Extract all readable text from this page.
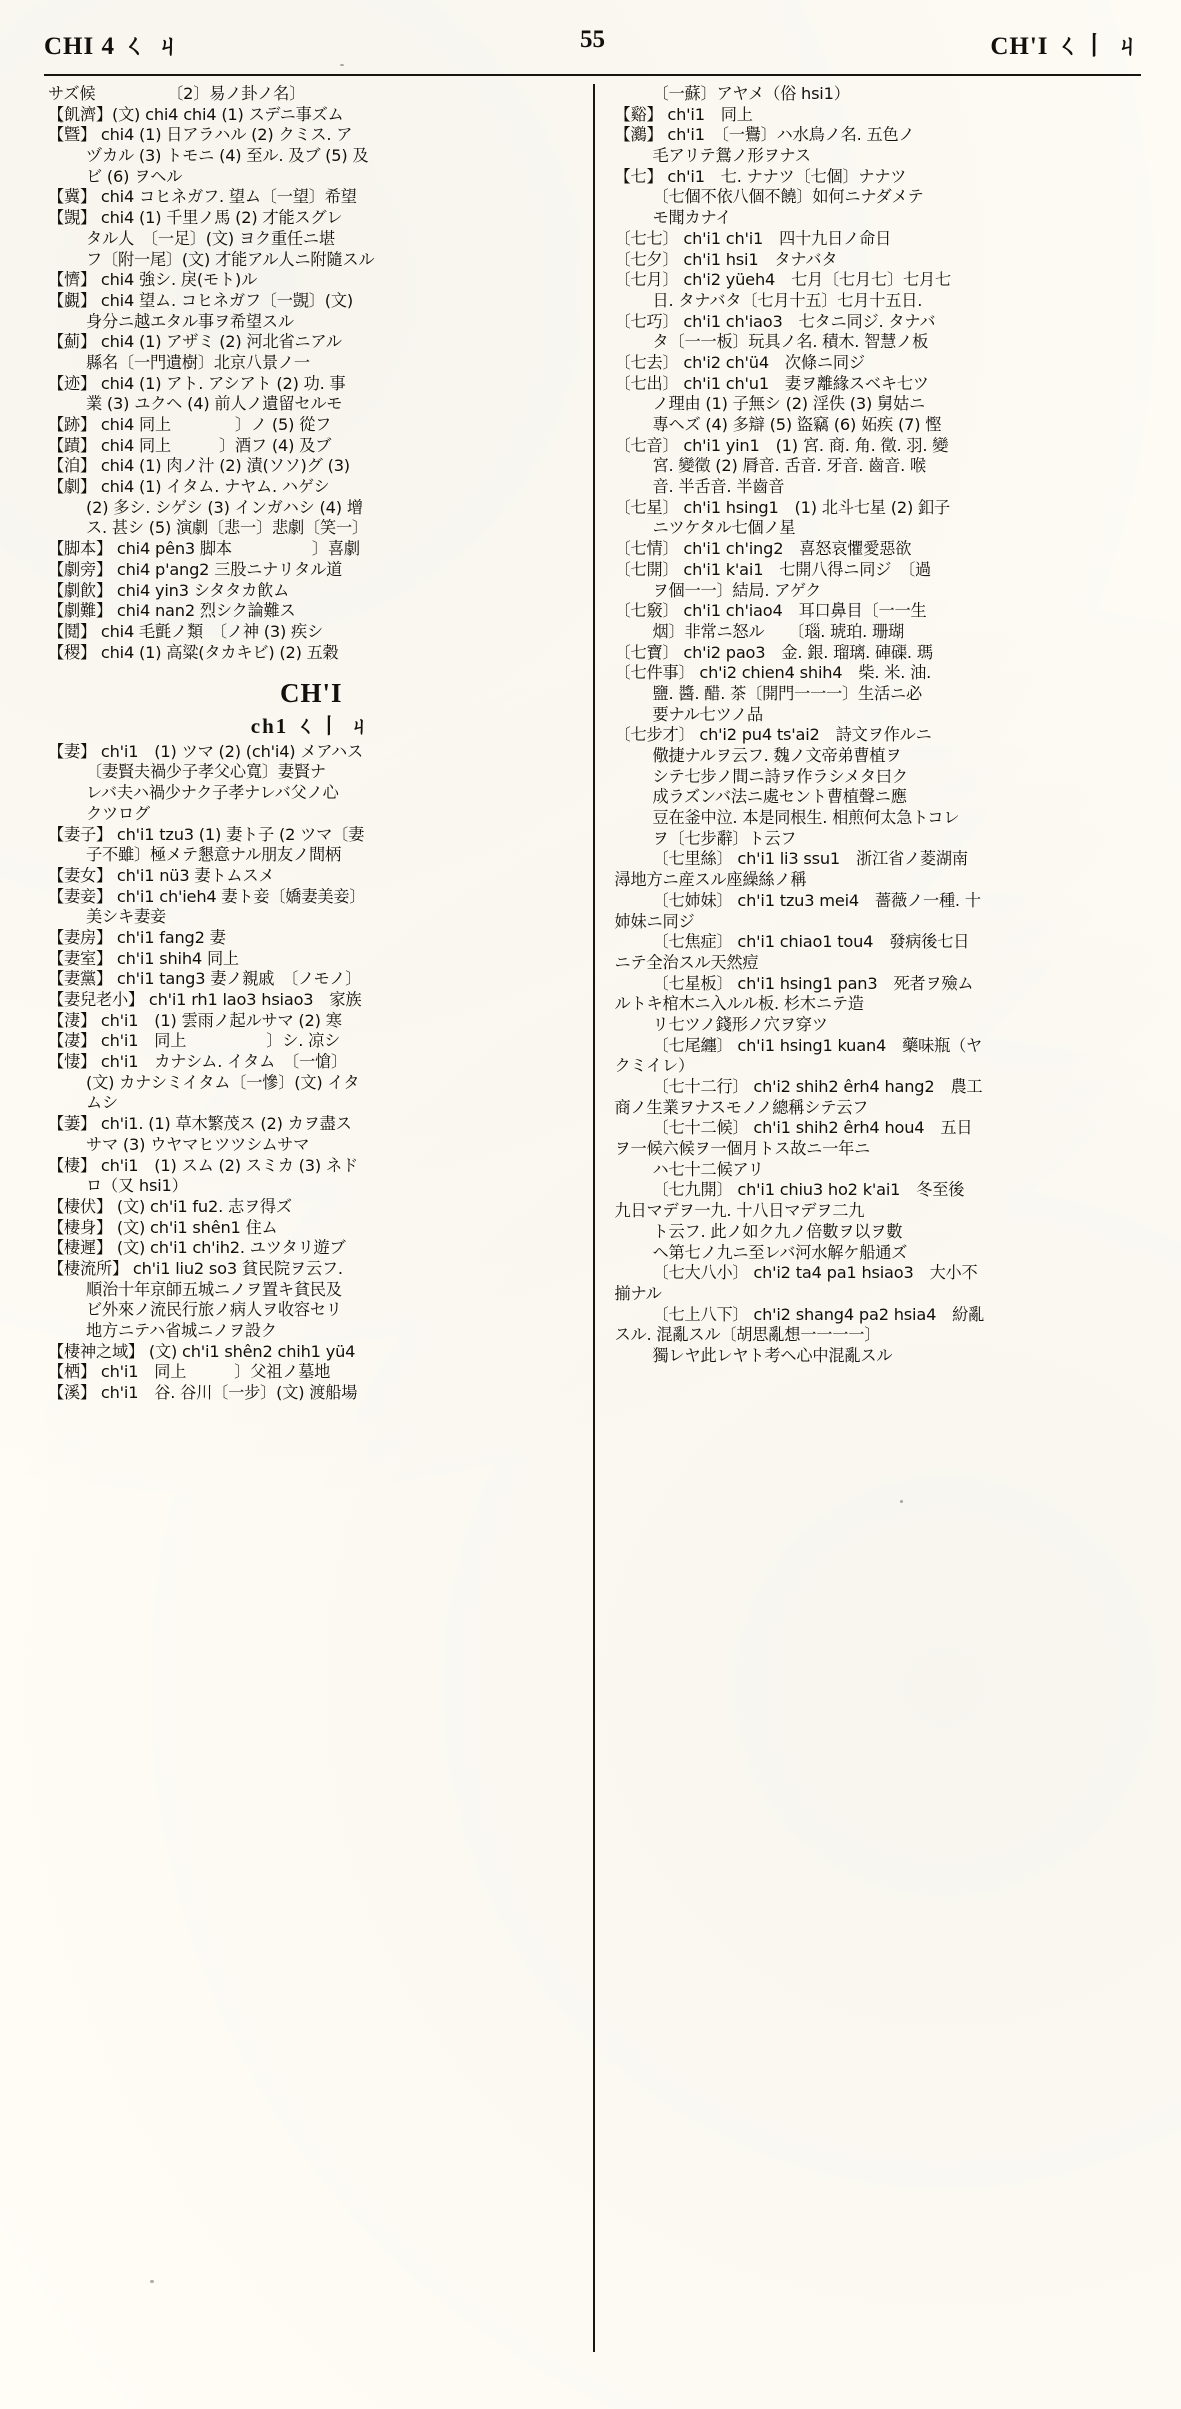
CHI 4 ㄑ ㄐ	55	CH'I ㄑ丨 ㄐ
サズ候　　　　　〔2〕易ノ卦ノ名〕
【飢濟】(文) chi4 chi4 (1) スデニ事ズム
【曁】 chi4 (1) 日アラハル (2) クミス. ア
ヅカル (3) トモニ (4) 至ル. 及ブ (5) 及
ビ (6) ヲヘル
【冀】 chi4 コヒネガフ. 望ム〔一望〕希望
【覬】 chi4 (1) 千里ノ馬 (2) 才能スグレ
タル人　〔一足〕(文) ヨク重任ニ堪
フ〔附一尾〕(文) 才能アル人ニ附隨スル
【懠】 chi4 強シ. 戾(モト)ル
【覷】 chi4 望ム. コヒネガフ〔一覬〕(文)
身分ニ越エタル事ヲ希望スル
【薊】 chi4 (1) アザミ (2) 河北省ニアル
縣名〔一門遺樹〕北京八景ノ一
【迹】 chi4 (1) アト. アシアト (2) 功. 事
業 (3) ユクヘ (4) 前人ノ遺留セルモ
【跡】 chi4 同上　　　　〕ノ (5) 從フ
【蹟】 chi4 同上　　　〕酒フ (4) 及ブ
【洎】 chi4 (1) 肉ノ汁 (2) 漬(ソソ)グ (3)
【劇】 chi4 (1) イタム. ナヤム. ハゲシ
(2) 多シ. シゲシ (3) インガハシ (4) 增
ス. 甚シ (5) 演劇〔悲一〕悲劇〔笑一〕
【脚本】 chi4 pên3 脚本　　　　　〕喜劇
【劇旁】 chi4 p'ang2 三股ニナリタル道
【劇飮】 chi4 yin3 シタタカ飮ム
【劇難】 chi4 nan2 烈シク論難ス
【鬩】 chi4 毛氈ノ類　〔ノ神 (3) 疾シ
【稷】 chi4 (1) 高粱(タカキビ) (2) 五穀
CH'I
ch1 ㄑ丨 ㄐ
【妻】 ch'i1　(1) ツマ (2) (ch'i4) メアハス
〔妻賢夫禍少子孝父心寬〕妻賢ナ
レバ夫ハ禍少ナク子孝ナレバ父ノ心
クツログ
【妻子】 ch'i1 tzu3 (1) 妻ト子 (2 ツマ〔妻
子不雖〕極メテ懇意ナル朋友ノ間柄
【妻女】 ch'i1 nü3 妻トムスメ
【妻妾】 ch'i1 ch'ieh4 妻ト妾〔嬌妻美妾〕
美シキ妻妾
【妻房】 ch'i1 fang2 妻
【妻室】 ch'i1 shih4 同上
【妻黨】 ch'i1 tang3 妻ノ親戚　〔ノモノ〕
【妻兒老小】 ch'i1 rh1 lao3 hsiao3　家族
【淒】 ch'i1　(1) 雲雨ノ起ルサマ (2) 寒
【凄】 ch'i1　同上　　　　　〕シ. 凉シ
【悽】 ch'i1　カナシム. イタム　〔一愴〕
(文) カナシミイタム〔一慘〕(文) イタ
ムシ
【萋】 ch'i1. (1) 草木繁茂ス (2) カヲ盡ス
サマ (3) ウヤマヒツツシムサマ
【棲】 ch'i1　(1) スム (2) スミカ (3) ネド
ロ（又 hsi1）
【棲伏】 (文) ch'i1 fu2. 志ヲ得ズ
【棲身】 (文) ch'i1 shên1 住ム
【棲遲】 (文) ch'i1 ch'ih2. ユツタリ遊ブ
【棲流所】 ch'i1 liu2 so3 貧民院ヲ云フ.
順治十年京師五城ニノヲ置キ貧民及
ビ外來ノ流民行旅ノ病人ヲ收容セリ
地方ニテハ省城ニノヲ設ク
【棲神之域】 (文) ch'i1 shên2 chih1 yü4
【栖】 ch'i1　同上　　　〕父祖ノ墓地
【溪】 ch'i1　谷. 谷川〔一步〕(文) 渡船場
〔一蘇〕アヤメ（俗 hsi1）
【谿】 ch'i1　同上
【鸂】 ch'i1　〔一鸒〕ハ水鳥ノ名. 五色ノ
毛アリテ鴛ノ形ヲナス
【七】 ch'i1　七. ナナツ〔七個〕ナナツ
〔七個不依八個不饒〕如何ニナダメテ
モ聞カナイ
〔七七〕 ch'i1 ch'i1　四十九日ノ命日
〔七夕〕 ch'i1 hsi1　タナバタ
〔七月〕 ch'i2 yüeh4　七月〔七月七〕七月七
日. タナバタ〔七月十五〕七月十五日.
〔七巧〕 ch'i1 ch'iao3　七タニ同ジ. タナバ
タ〔一一板〕玩具ノ名. 積木. 智慧ノ板
〔七去〕 ch'i2 ch'ü4　次條ニ同ジ
〔七出〕 ch'i1 ch'u1　妻ヲ離緣スベキ七ツ
ノ理由 (1) 子無シ (2) 淫佚 (3) 舅姑ニ
專ヘズ (4) 多辯 (5) 盜竊 (6) 妬疾 (7) 慳
〔七音〕 ch'i1 yin1　(1) 宮. 商. 角. 徵. 羽. 變
宮. 變徵 (2) 脣音. 舌音. 牙音. 齒音. 喉
音. 半舌音. 半齒音
〔七星〕 ch'i1 hsing1　(1) 北斗七星 (2) 釦子
ニツケタル七個ノ星
〔七情〕 ch'i1 ch'ing2　喜怒哀懼愛惡欲
〔七開〕 ch'i1 k'ai1　七開八得ニ同ジ　〔過
ヲ個一一〕結局. アゲク
〔七竅〕 ch'i1 ch'iao4　耳口鼻目〔一一生
烟〕非常ニ怒ル　　〔瑙. 琥珀. 珊瑚
〔七寶〕 ch'i2 pao3　金. 銀. 瑠璃. 硨磲. 瑪
〔七件事〕 ch'i2 chien4 shih4　柴. 米. 油.
鹽. 醬. 醋. 茶〔開門一一一〕生活ニ必
要ナル七ツノ品
〔七步才〕 ch'i2 pu4 ts'ai2　詩文ヲ作ルニ
儆捷ナルヲ云フ. 魏ノ文帝弟曹植ヲ
シテ七步ノ間ニ詩ヲ作ラシメタ曰ク
成ラズンバ法ニ處セント曹植聲ニ應
豆在釜中泣. 本是同根生. 相煎何太急トコレ
ヲ〔七步辭〕ト云フ
〔七里絲〕 ch'i1 li3 ssu1　浙江省ノ菱湖南
潯地方ニ産スル座繰絲ノ稱
〔七姉妹〕 ch'i1 tzu3 mei4　薔薇ノ一種. 十
姉妹ニ同ジ
〔七焦症〕 ch'i1 chiao1 tou4　發病後七日
ニテ全治スル天然痘
〔七星板〕 ch'i1 hsing1 pan3　死者ヲ殮ム
ルトキ棺木ニ入ルル板. 杉木ニテ造
リ七ツノ錢形ノ穴ヲ穿ツ
〔七尾纏〕 ch'i1 hsing1 kuan4　藥味瓶（ヤ
クミイレ）
〔七十二行〕 ch'i2 shih2 êrh4 hang2　農工
商ノ生業ヲナスモノノ總稱シテ云フ
〔七十二候〕 ch'i1 shih2 êrh4 hou4　五日
ヲ一候六候ヲ一個月トス故ニ一年ニ
ハ七十二候アリ
〔七九開〕 ch'i1 chiu3 ho2 k'ai1　冬至後
九日マデヲ一九. 十八日マデヲ二九
ト云フ. 此ノ如ク九ノ倍數ヲ以ヲ數
ヘ第七ノ九ニ至レバ河水解ケ船通ズ
〔七大八小〕 ch'i2 ta4 pa1 hsiao3　大小不
揃ナル
〔七上八下〕 ch'i2 shang4 pa2 hsia4　紛亂
スル. 混亂スル〔胡思亂想一一一一〕
獨レヤ此レヤト考ヘ心中混亂スル
